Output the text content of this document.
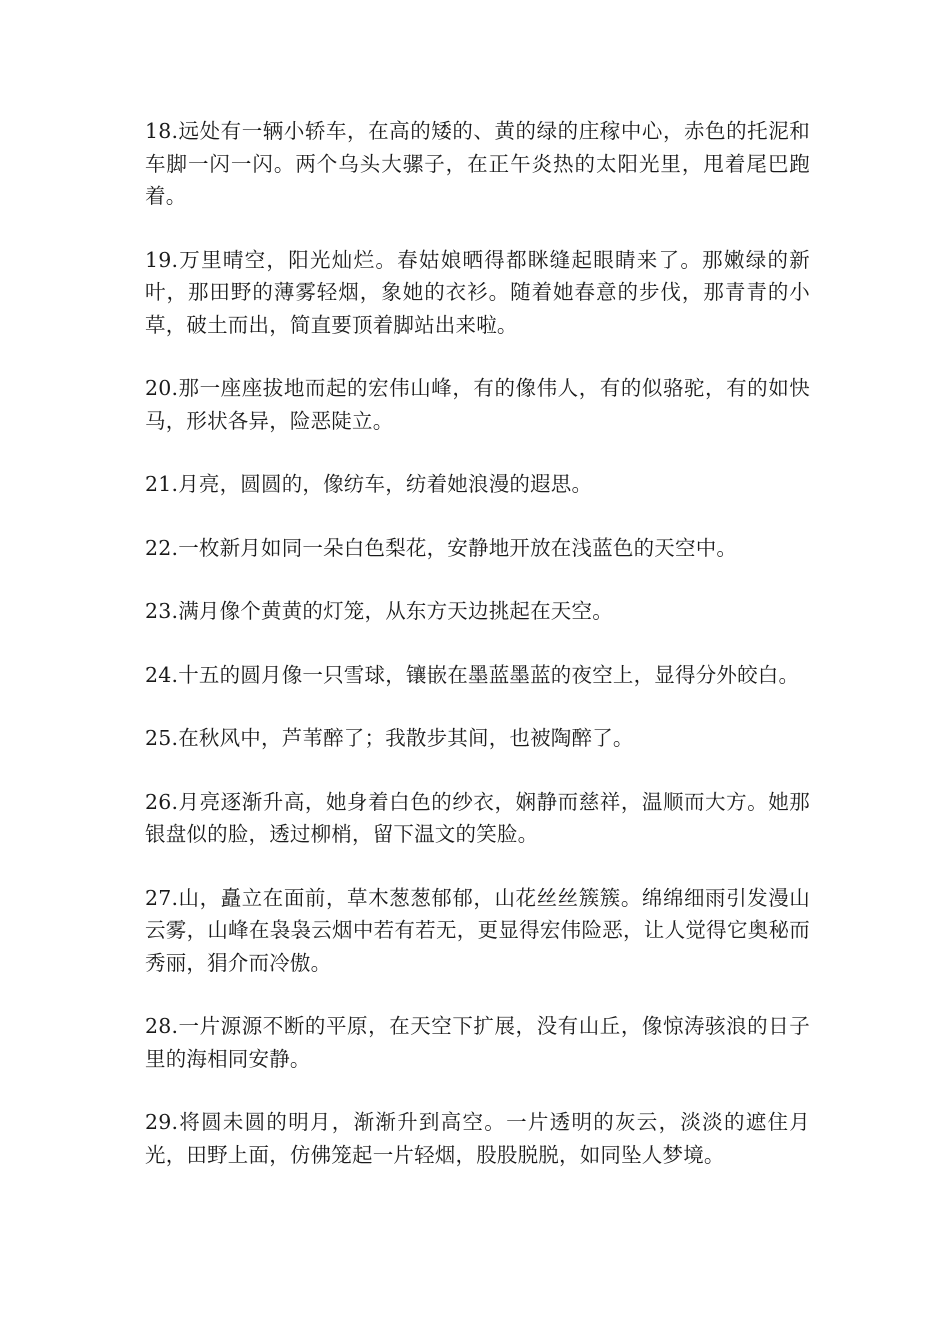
18.远处有一辆小轿车，在高的矮的、黄的绿的庄稼中心，赤色的托泥和车脚一闪一闪。两个乌头大骡子，在正午炎热的太阳光里，甩着尾巴跑着。

19.万里晴空，阳光灿烂。春姑娘晒得都眯缝起眼睛来了。那嫩绿的新叶，那田野的薄雾轻烟，象她的衣衫。随着她春意的步伐，那青青的小草，破土而出，简直要顶着脚站出来啦。

20.那一座座拔地而起的宏伟山峰，有的像伟人，有的似骆驼，有的如快马，形状各异，险恶陡立。

21.月亮，圆圆的，像纺车，纺着她浪漫的遐思。

22.一枚新月如同一朵白色梨花，安静地开放在浅蓝色的天空中。

23.满月像个黄黄的灯笼，从东方天边挑起在天空。

24.十五的圆月像一只雪球，镶嵌在墨蓝墨蓝的夜空上，显得分外皎白。

25.在秋风中，芦苇醉了；我散步其间，也被陶醉了。

26.月亮逐渐升高，她身着白色的纱衣，娴静而慈祥，温顺而大方。她那银盘似的脸，透过柳梢，留下温文的笑脸。

27.山，矗立在面前，草木葱葱郁郁，山花丝丝簇簇。绵绵细雨引发漫山云雾，山峰在袅袅云烟中若有若无，更显得宏伟险恶，让人觉得它奥秘而秀丽，狷介而冷傲。

28.一片源源不断的平原，在天空下扩展，没有山丘，像惊涛骇浪的日子里的海相同安静。

29.将圆未圆的明月，渐渐升到高空。一片透明的灰云，淡淡的遮住月光，田野上面，仿佛笼起一片轻烟，股股脱脱，如同坠人梦境。
